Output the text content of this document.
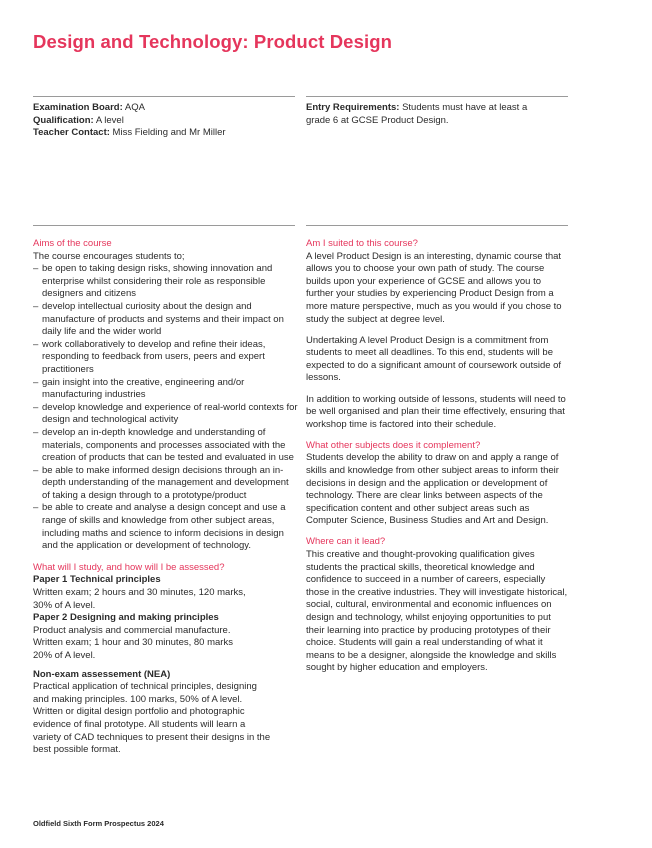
Design and Technology: Product Design
Examination Board: AQA
Qualification: A level
Teacher Contact: Miss Fielding and Mr Miller
Entry Requirements: Students must have at least a grade 6 at GCSE Product Design.
Aims of the course
The course encourages students to;
– be open to taking design risks, showing innovation and enterprise whilst considering their role as responsible designers and citizens
– develop intellectual curiosity about the design and manufacture of products and systems and their impact on daily life and the wider world
– work collaboratively to develop and refine their ideas, responding to feedback from users, peers and expert practitioners
– gain insight into the creative, engineering and/or manufacturing industries
– develop knowledge and experience of real-world contexts for design and technological activity
– develop an in-depth knowledge and understanding of materials, components and processes associated with the creation of products that can be tested and evaluated in use
– be able to make informed design decisions through an in-depth understanding of the management and development of taking a design through to a prototype/product
– be able to create and analyse a design concept and use a range of skills and knowledge from other subject areas, including maths and science to inform decisions in design and the application or development of technology.
What will I study, and how will I be assessed?
Paper 1 Technical principles
Written exam; 2 hours and 30 minutes, 120 marks, 30% of A level.
Paper 2 Designing and making principles
Product analysis and commercial manufacture.
Written exam; 1 hour and 30 minutes, 80 marks 20% of A level.
Non-exam assessement (NEA)
Practical application of technical principles, designing and making principles. 100 marks, 50% of A level. Written or digital design portfolio and photographic evidence of final prototype. All students will learn a variety of CAD techniques to present their designs in the best possible format.
Am I suited to this course?
A level Product Design is an interesting, dynamic course that allows you to choose your own path of study. The course builds upon your experience of GCSE and allows you to further your studies by experiencing Product Design from a more mature perspective, much as you would if you chose to study the subject at degree level.
Undertaking A level Product Design is a commitment from students to meet all deadlines. To this end, students will be expected to do a significant amount of coursework outside of lessons.
In addition to working outside of lessons, students will need to be well organised and plan their time effectively, ensuring that workshop time is factored into their schedule.
What other subjects does it complement?
Students develop the ability to draw on and apply a range of skills and knowledge from other subject areas to inform their decisions in design and the application or development of technology. There are clear links between aspects of the specification content and other subject areas such as Computer Science, Business Studies and Art and Design.
Where can it lead?
This creative and thought-provoking qualification gives students the practical skills, theoretical knowledge and confidence to succeed in a number of careers, especially those in the creative industries. They will investigate historical, social, cultural, environmental and economic influences on design and technology, whilst enjoying opportunities to put their learning into practice by producing prototypes of their choice. Students will gain a real understanding of what it means to be a designer, alongside the knowledge and skills sought by higher education and employers.
Oldfield Sixth Form Prospectus 2024
